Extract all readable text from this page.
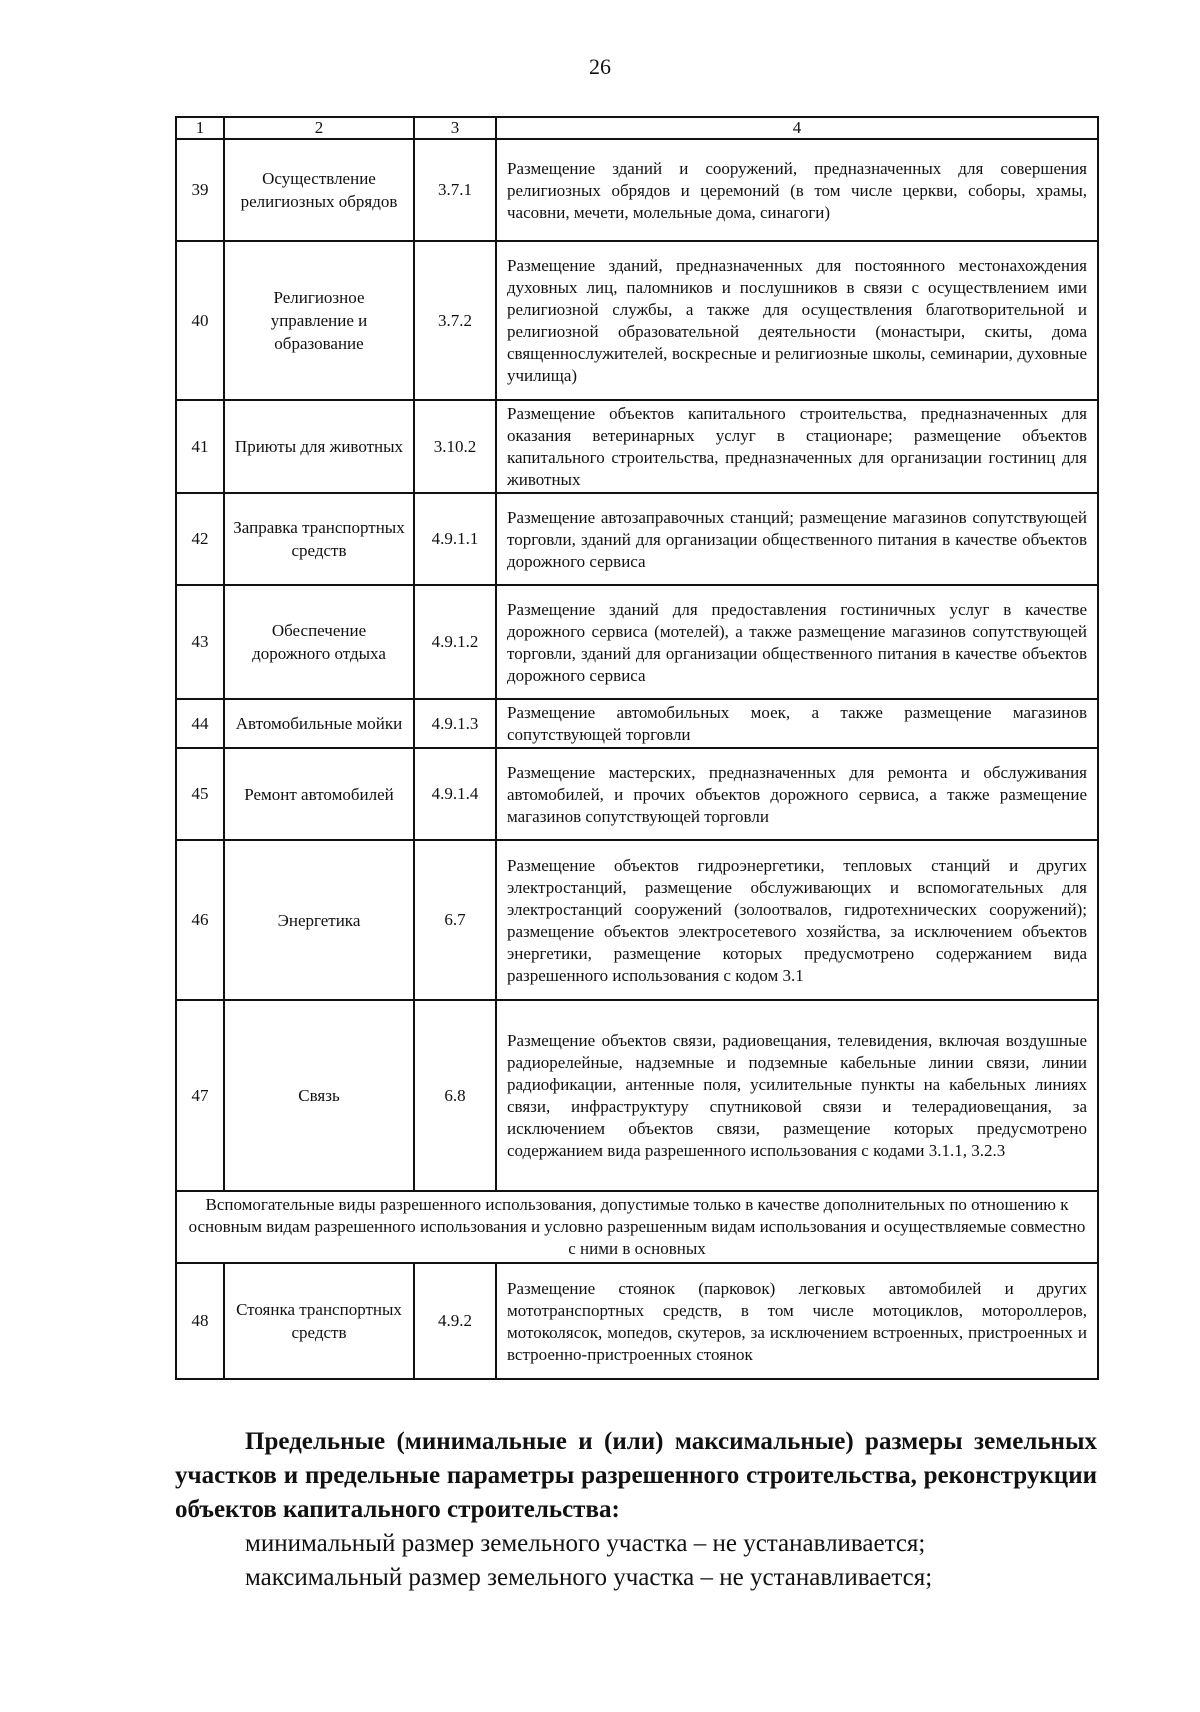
26
1	2	3	4
39	Осуществление религиозных обрядов	3.7.1	Размещение зданий и сооружений, предназначенных для совершения религиозных обрядов и церемоний (в том числе церкви, соборы, храмы, часовни, мечети, молельные дома, синагоги)
40	Религиозное управление и образование	3.7.2	Размещение зданий, предназначенных для постоянного местонахождения духовных лиц, паломников и послушников в связи с осуществлением ими религиозной службы, а также для осуществления благотворительной и религиозной образовательной деятельности (монастыри, скиты, дома священнослужителей, воскресные и религиозные школы, семинарии, духовные училища)
41	Приюты для животных	3.10.2	Размещение объектов капитального строительства, предназначенных для оказания ветеринарных услуг в стационаре; размещение объектов капитального строительства, предназначенных для организации гостиниц для животных
42	Заправка транспортных средств	4.9.1.1	Размещение автозаправочных станций; размещение магазинов сопутствующей торговли, зданий для организации общественного питания в качестве объектов дорожного сервиса
43	Обеспечение дорожного отдыха	4.9.1.2	Размещение зданий для предоставления гостиничных услуг в качестве дорожного сервиса (мотелей), а также размещение магазинов сопутствующей торговли, зданий для организации общественного питания в качестве объектов дорожного сервиса
44	Автомобильные мойки	4.9.1.3	Размещение автомобильных моек, а также размещение магазинов сопутствующей торговли
45	Ремонт автомобилей	4.9.1.4	Размещение мастерских, предназначенных для ремонта и обслуживания автомобилей, и прочих объектов дорожного сервиса, а также размещение магазинов сопутствующей торговли
46	Энергетика	6.7	Размещение объектов гидроэнергетики, тепловых станций и других электростанций, размещение обслуживающих и вспомогательных для электростанций сооружений (золоотвалов, гидротехнических сооружений); размещение объектов электросетевого хозяйства, за исключением объектов энергетики, размещение которых предусмотрено содержанием вида разрешенного использования с кодом 3.1
47	Связь	6.8	Размещение объектов связи, радиовещания, телевидения, включая воздушные радиорелейные, надземные и подземные кабельные линии связи, линии радиофикации, антенные поля, усилительные пункты на кабельных линиях связи, инфраструктуру спутниковой связи и телерадиовещания, за исключением объектов связи, размещение которых предусмотрено содержанием вида разрешенного использования с кодами 3.1.1, 3.2.3
Вспомогательные виды разрешенного использования, допустимые только в качестве дополнительных по отношению к основным видам разрешенного использования и условно разрешенным видам использования и осуществляемые совместно с ними в основных			
48	Стоянка транспортных средств	4.9.2	Размещение стоянок (парковок) легковых автомобилей и других мототранспортных средств, в том числе мотоциклов, мотороллеров, мотоколясок, мопедов, скутеров, за исключением встроенных, пристроенных и встроенно-пристроенных стоянок

Предельные (минимальные и (или) максимальные) размеры земельных участков и предельные параметры разрешенного строительства, реконструкции объектов капитального строительства:

минимальный размер земельного участка – не устанавливается;

максимальный размер земельного участка – не устанавливается;
